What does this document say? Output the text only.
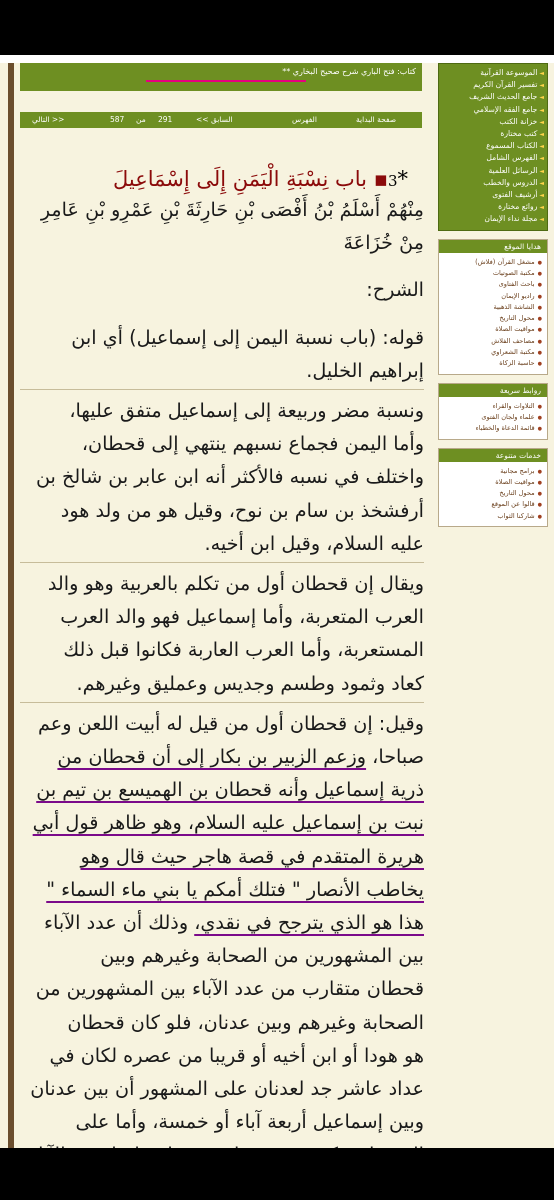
◄الموسوعة القرآنية
◄تفسير القرآن الكريم
◄جامع الحديث الشريف
◄جامع الفقه الإسلامي
◄خزانة الكتب
◄كتب مختارة
◄الكتاب المسموع
◄الفهرس الشامل
◄الرسائل العلمية
◄الدروس والخطب
◄أرشيف الفتوى
◄روائع مختارة
◄مجلة نداء الإيمان
هدايا الموقع
●مشغل القرآن (فلاش)
●مكتبة الصوتيات
●باحث الفتاوى
●راديو الإيمان
●الشاشة الذهبية
●محول التاريخ
●مواقيت الصلاة
●مصاحف الفلاش
●مكتبة الشعراوي
●حاسبة الزكاة
روابط سريعة
●التلاوات والقراء
●علماء ولجان الفتوى
●قائمة الدعاة والخطباء
خدمات متنوعة
●برامج مجانية
●مواقيت الصلاة
●محول التاريخ
●قالوا عن الموقع
●شاركنا الثواب
كتاب: فتح الباري شرح صحيح البخاري **
التالي >>	587 من 291	<< السابق	الفهرس	صفحة البداية
*3▪ باب نِسْبَةِ الْيَمَنِ إِلَى إِسْمَاعِيلَ

مِنْهُمْ أَسْلَمُ بْنُ أَفْصَى بْنِ حَارِثَةَ بْنِ عَمْرِو بْنِ عَامِرِ

مِنْ خُزَاعَةَ

الشرح:

قوله: (باب نسبة اليمن إلى إسماعيل) أي ابن

إبراهيم الخليل.

ونسبة مضر وربيعة إلى إسماعيل متفق عليها،

وأما اليمن فجماع نسبهم ينتهي إلى قحطان،

واختلف في نسبه فالأكثر أنه ابن عابر بن شالخ بن

أرفشخذ بن سام بن نوح، وقيل هو من ولد هود

عليه السلام، وقيل ابن أخيه.

ويقال إن قحطان أول من تكلم بالعربية وهو والد

العرب المتعربة، وأما إسماعيل فهو والد العرب

المستعربة، وأما العرب العاربة فكانوا قبل ذلك

كعاد وثمود وطسم وجديس وعمليق وغيرهم.

وقيل: إن قحطان أول من قيل له أبيت اللعن وعم

صباحا، وزعم الزبير بن بكار إلى أن قحطان من

ذرية إسماعيل وأنه قحطان بن الهميسع بن تيم بن

نبت بن إسماعيل عليه السلام، وهو ظاهر قول أبي

هريرة المتقدم في قصة هاجر حيث قال وهو

يخاطب الأنصار " فتلك أمكم يا بني ماء السماء "

هذا هو الذي يترجح في نقدي، وذلك أن عدد الآباء

بين المشهورين من الصحابة وغيرهم وبين

قحطان متقارب من عدد الآباء بين المشهورين من

الصحابة وغيرهم وبين عدنان، فلو كان قحطان

هو هودا أو ابن أخيه أو قريبا من عصره لكان في

عداد عاشر جد لعدنان على المشهور أن بين عدنان

وبين إسماعيل أربعة آباء أو خمسة، وأما على
